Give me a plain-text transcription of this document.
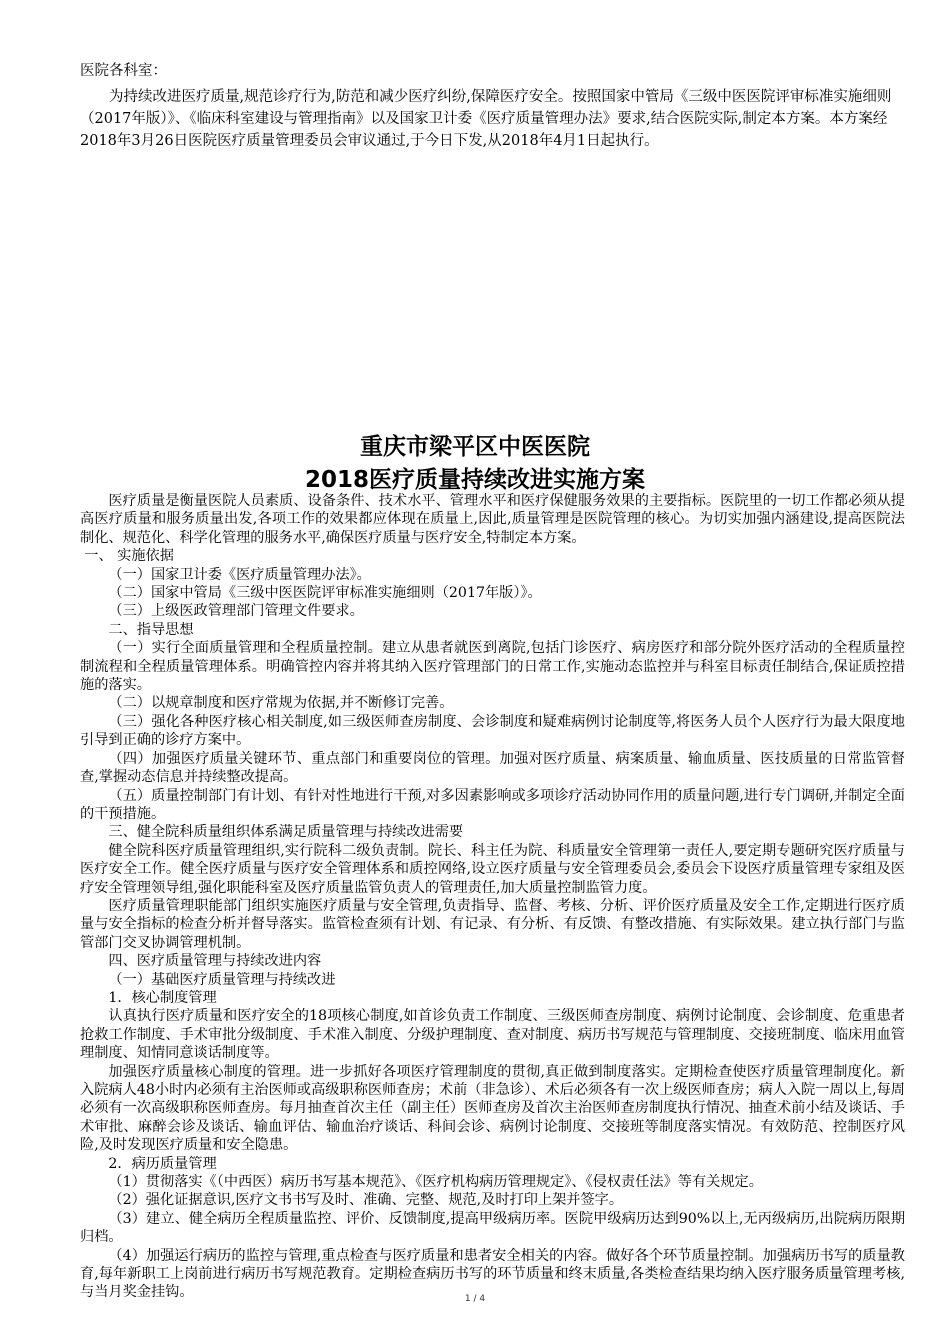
医院各科室：

为持续改进医疗质量,规范诊疗行为,防范和减少医疗纠纷,保障医疗安全。按照国家中管局《三级中医医院评审标准实施细则（2017年版）》、《临床科室建设与管理指南》以及国家卫计委《医疗质量管理办法》要求,结合医院实际,制定本方案。本方案经2018年3月26日医院医疗质量管理委员会审议通过,于今日下发,从2018年4月1日起执行。

重庆市梁平区中医医院
2018医疗质量持续改进实施方案

医疗质量是衡量医院人员素质、设备条件、技术水平、管理水平和医疗保健服务效果的主要指标。医院里的一切工作都必须从提高医疗质量和服务质量出发,各项工作的效果都应体现在质量上,因此,质量管理是医院管理的核心。为切实加强内涵建设,提高医院法制化、规范化、科学化管理的服务水平,确保医疗质量与医疗安全,特制定本方案。

一、 实施依据

（一）国家卫计委《医疗质量管理办法》。

（二）国家中管局《三级中医医院评审标准实施细则（2017年版）》。

（三）上级医政管理部门管理文件要求。

二、指导思想

（一）实行全面质量管理和全程质量控制。建立从患者就医到离院,包括门诊医疗、病房医疗和部分院外医疗活动的全程质量控制流程和全程质量管理体系。明确管控内容并将其纳入医疗管理部门的日常工作,实施动态监控并与科室目标责任制结合,保证质控措施的落实。

（二）以规章制度和医疗常规为依据,并不断修订完善。

（三）强化各种医疗核心相关制度,如三级医师查房制度、会诊制度和疑难病例讨论制度等,将医务人员个人医疗行为最大限度地引导到正确的诊疗方案中。

（四）加强医疗质量关键环节、重点部门和重要岗位的管理。加强对医疗质量、病案质量、输血质量、医技质量的日常监管督查,掌握动态信息并持续整改提高。

（五）质量控制部门有计划、有针对性地进行干预,对多因素影响或多项诊疗活动协同作用的质量问题,进行专门调研,并制定全面的干预措施。

三、健全院科质量组织体系满足质量管理与持续改进需要

健全院科医疗质量管理组织,实行院科二级负责制。院长、科主任为院、科质量安全管理第一责任人,要定期专题研究医疗质量与医疗安全工作。健全医疗质量与医疗安全管理体系和质控网络,设立医疗质量与安全管理委员会,委员会下设医疗质量管理专家组及医疗安全管理领导组,强化职能科室及医疗质量监管负责人的管理责任,加大质量控制监管力度。

医疗质量管理职能部门组织实施医疗质量与安全管理,负责指导、监督、考核、分析、评价医疗质量及安全工作,定期进行医疗质量与安全指标的检查分析并督导落实。监管检查须有计划、有记录、有分析、有反馈、有整改措施、有实际效果。建立执行部门与监管部门交叉协调管理机制。

四、医疗质量管理与持续改进内容

（一）基础医疗质量管理与持续改进

1．核心制度管理

认真执行医疗质量和医疗安全的18项核心制度,如首诊负责工作制度、三级医师查房制度、病例讨论制度、会诊制度、危重患者抢救工作制度、手术审批分级制度、手术准入制度、分级护理制度、查对制度、病历书写规范与管理制度、交接班制度、临床用血管理制度、知情同意谈话制度等。

加强医疗质量核心制度的管理。进一步抓好各项医疗管理制度的贯彻,真正做到制度落实。定期检查使医疗质量管理制度化。新入院病人48小时内必须有主治医师或高级职称医师查房；术前（非急诊）、术后必须各有一次上级医师查房；病人入院一周以上,每周必须有一次高级职称医师查房。每月抽查首次主任（副主任）医师查房及首次主治医师查房制度执行情况、抽查术前小结及谈话、手术审批、麻醉会诊及谈话、输血评估、输血治疗谈话、科间会诊、病例讨论制度、交接班等制度落实情况。有效防范、控制医疗风险,及时发现医疗质量和安全隐患。

2．病历质量管理

（1）贯彻落实《（中西医）病历书写基本规范》、《医疗机构病历管理规定》、《侵权责任法》等有关规定。

（2）强化证据意识,医疗文书书写及时、准确、完整、规范,及时打印上架并签字。

（3）建立、健全病历全程质量监控、评价、反馈制度,提高甲级病历率。医院甲级病历达到90%以上,无丙级病历,出院病历限期归档。

（4）加强运行病历的监控与管理,重点检查与医疗质量和患者安全相关的内容。做好各个环节质量控制。加强病历书写的质量教育,每年新职工上岗前进行病历书写规范教育。定期检查病历书写的环节质量和终末质量,各类检查结果均纳入医疗服务质量管理考核,与当月奖金挂钩。	1 / 4
